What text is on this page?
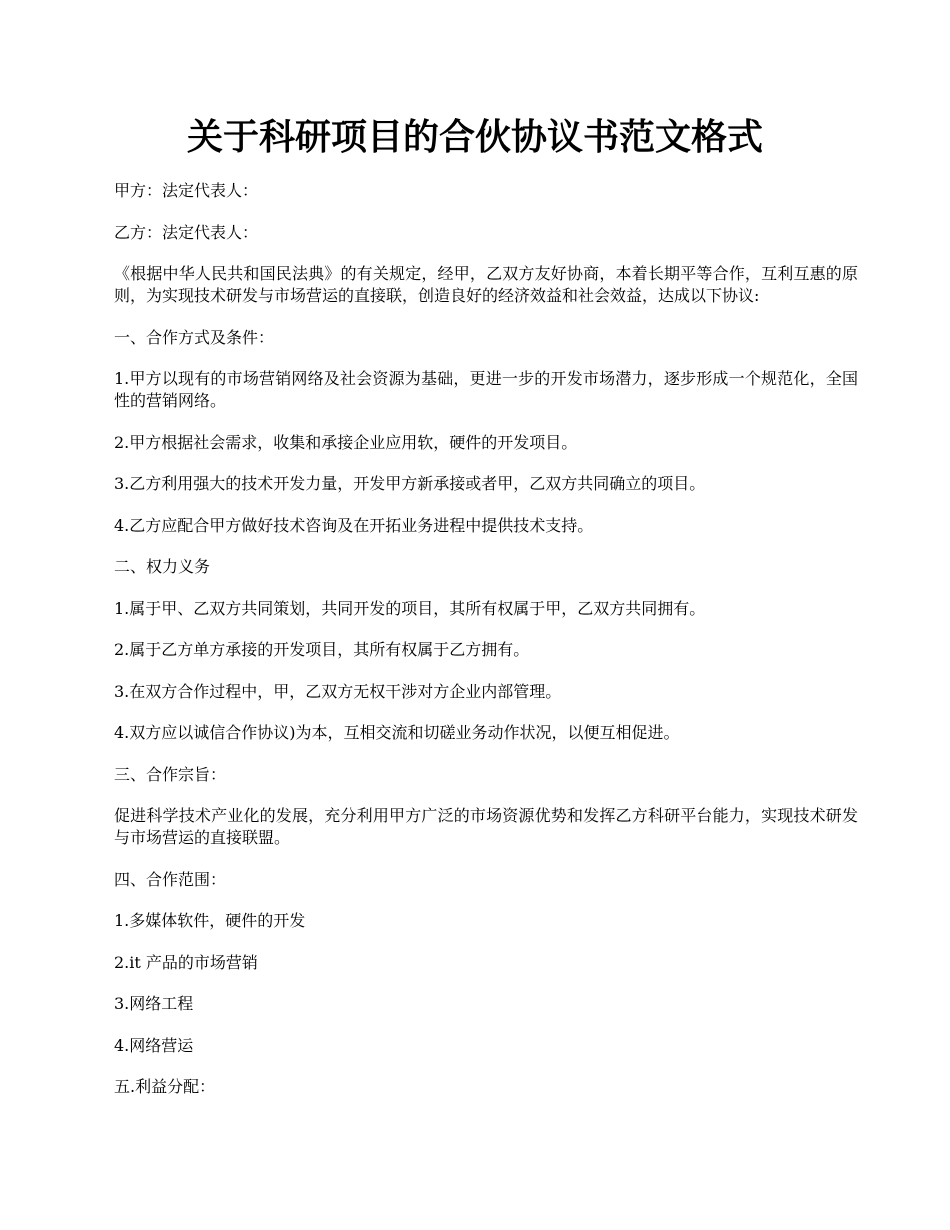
关于科研项目的合伙协议书范文格式

甲方：法定代表人：

乙方：法定代表人：

《根据中华人民共和国民法典》的有关规定，经甲，乙双方友好协商，本着长期平等合作，互利互惠的原则，为实现技术研发与市场营运的直接联，创造良好的经济效益和社会效益，达成以下协议:

一、合作方式及条件：

1.甲方以现有的市场营销网络及社会资源为基础，更进一步的开发市场潜力，逐步形成一个规范化，全国性的营销网络。

2.甲方根据社会需求，收集和承接企业应用软，硬件的开发项目。

3.乙方利用强大的技术开发力量，开发甲方新承接或者甲，乙双方共同确立的项目。

4.乙方应配合甲方做好技术咨询及在开拓业务进程中提供技术支持。

二、权力义务

1.属于甲、乙双方共同策划，共同开发的项目，其所有权属于甲，乙双方共同拥有。

2.属于乙方单方承接的开发项目，其所有权属于乙方拥有。

3.在双方合作过程中，甲，乙双方无权干涉对方企业内部管理。

4.双方应以诚信合作协议)为本，互相交流和切磋业务动作状况，以便互相促进。

三、合作宗旨：

促进科学技术产业化的发展，充分利用甲方广泛的市场资源优势和发挥乙方科研平台能力，实现技术研发与市场营运的直接联盟。

四、合作范围：

1.多媒体软件，硬件的开发

2.it 产品的市场营销

3.网络工程

4.网络营运

五.利益分配：
